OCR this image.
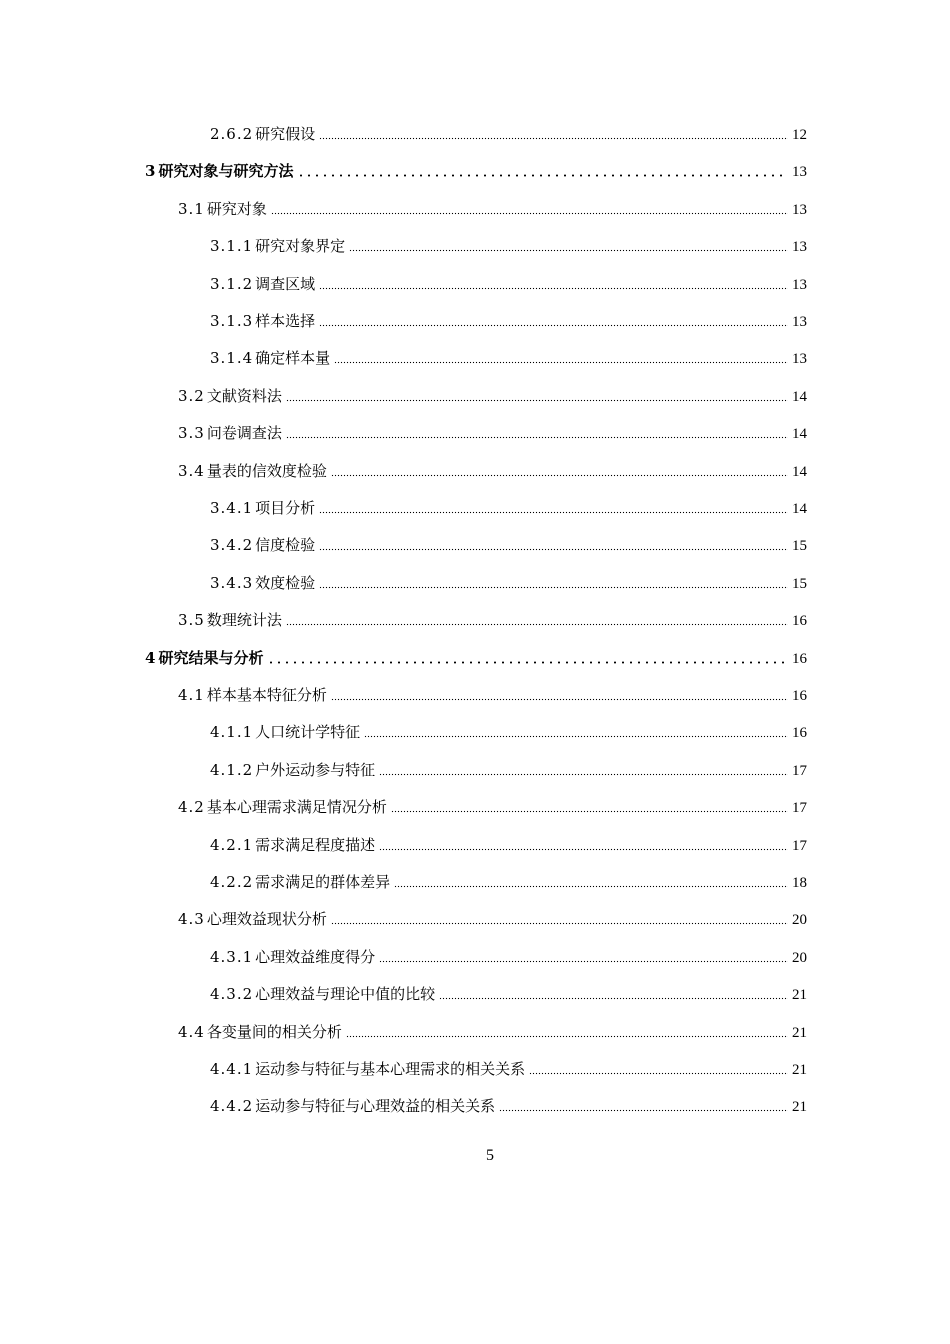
2.6.2 研究假设	12
3 研究对象与研究方法	13
3.1 研究对象	13
3.1.1 研究对象界定	13
3.1.2 调查区域	13
3.1.3 样本选择	13
3.1.4 确定样本量	13
3.2 文献资料法	14
3.3 问卷调查法	14
3.4 量表的信效度检验	14
3.4.1 项目分析	14
3.4.2 信度检验	15
3.4.3 效度检验	15
3.5 数理统计法	16
4 研究结果与分析	16
4.1 样本基本特征分析	16
4.1.1 人口统计学特征	16
4.1.2 户外运动参与特征	17
4.2 基本心理需求满足情况分析	17
4.2.1 需求满足程度描述	17
4.2.2 需求满足的群体差异	18
4.3 心理效益现状分析	20
4.3.1 心理效益维度得分	20
4.3.2 心理效益与理论中值的比较	21
4.4 各变量间的相关分析	21
4.4.1 运动参与特征与基本心理需求的相关关系	21
4.4.2 运动参与特征与心理效益的相关关系	21
5
